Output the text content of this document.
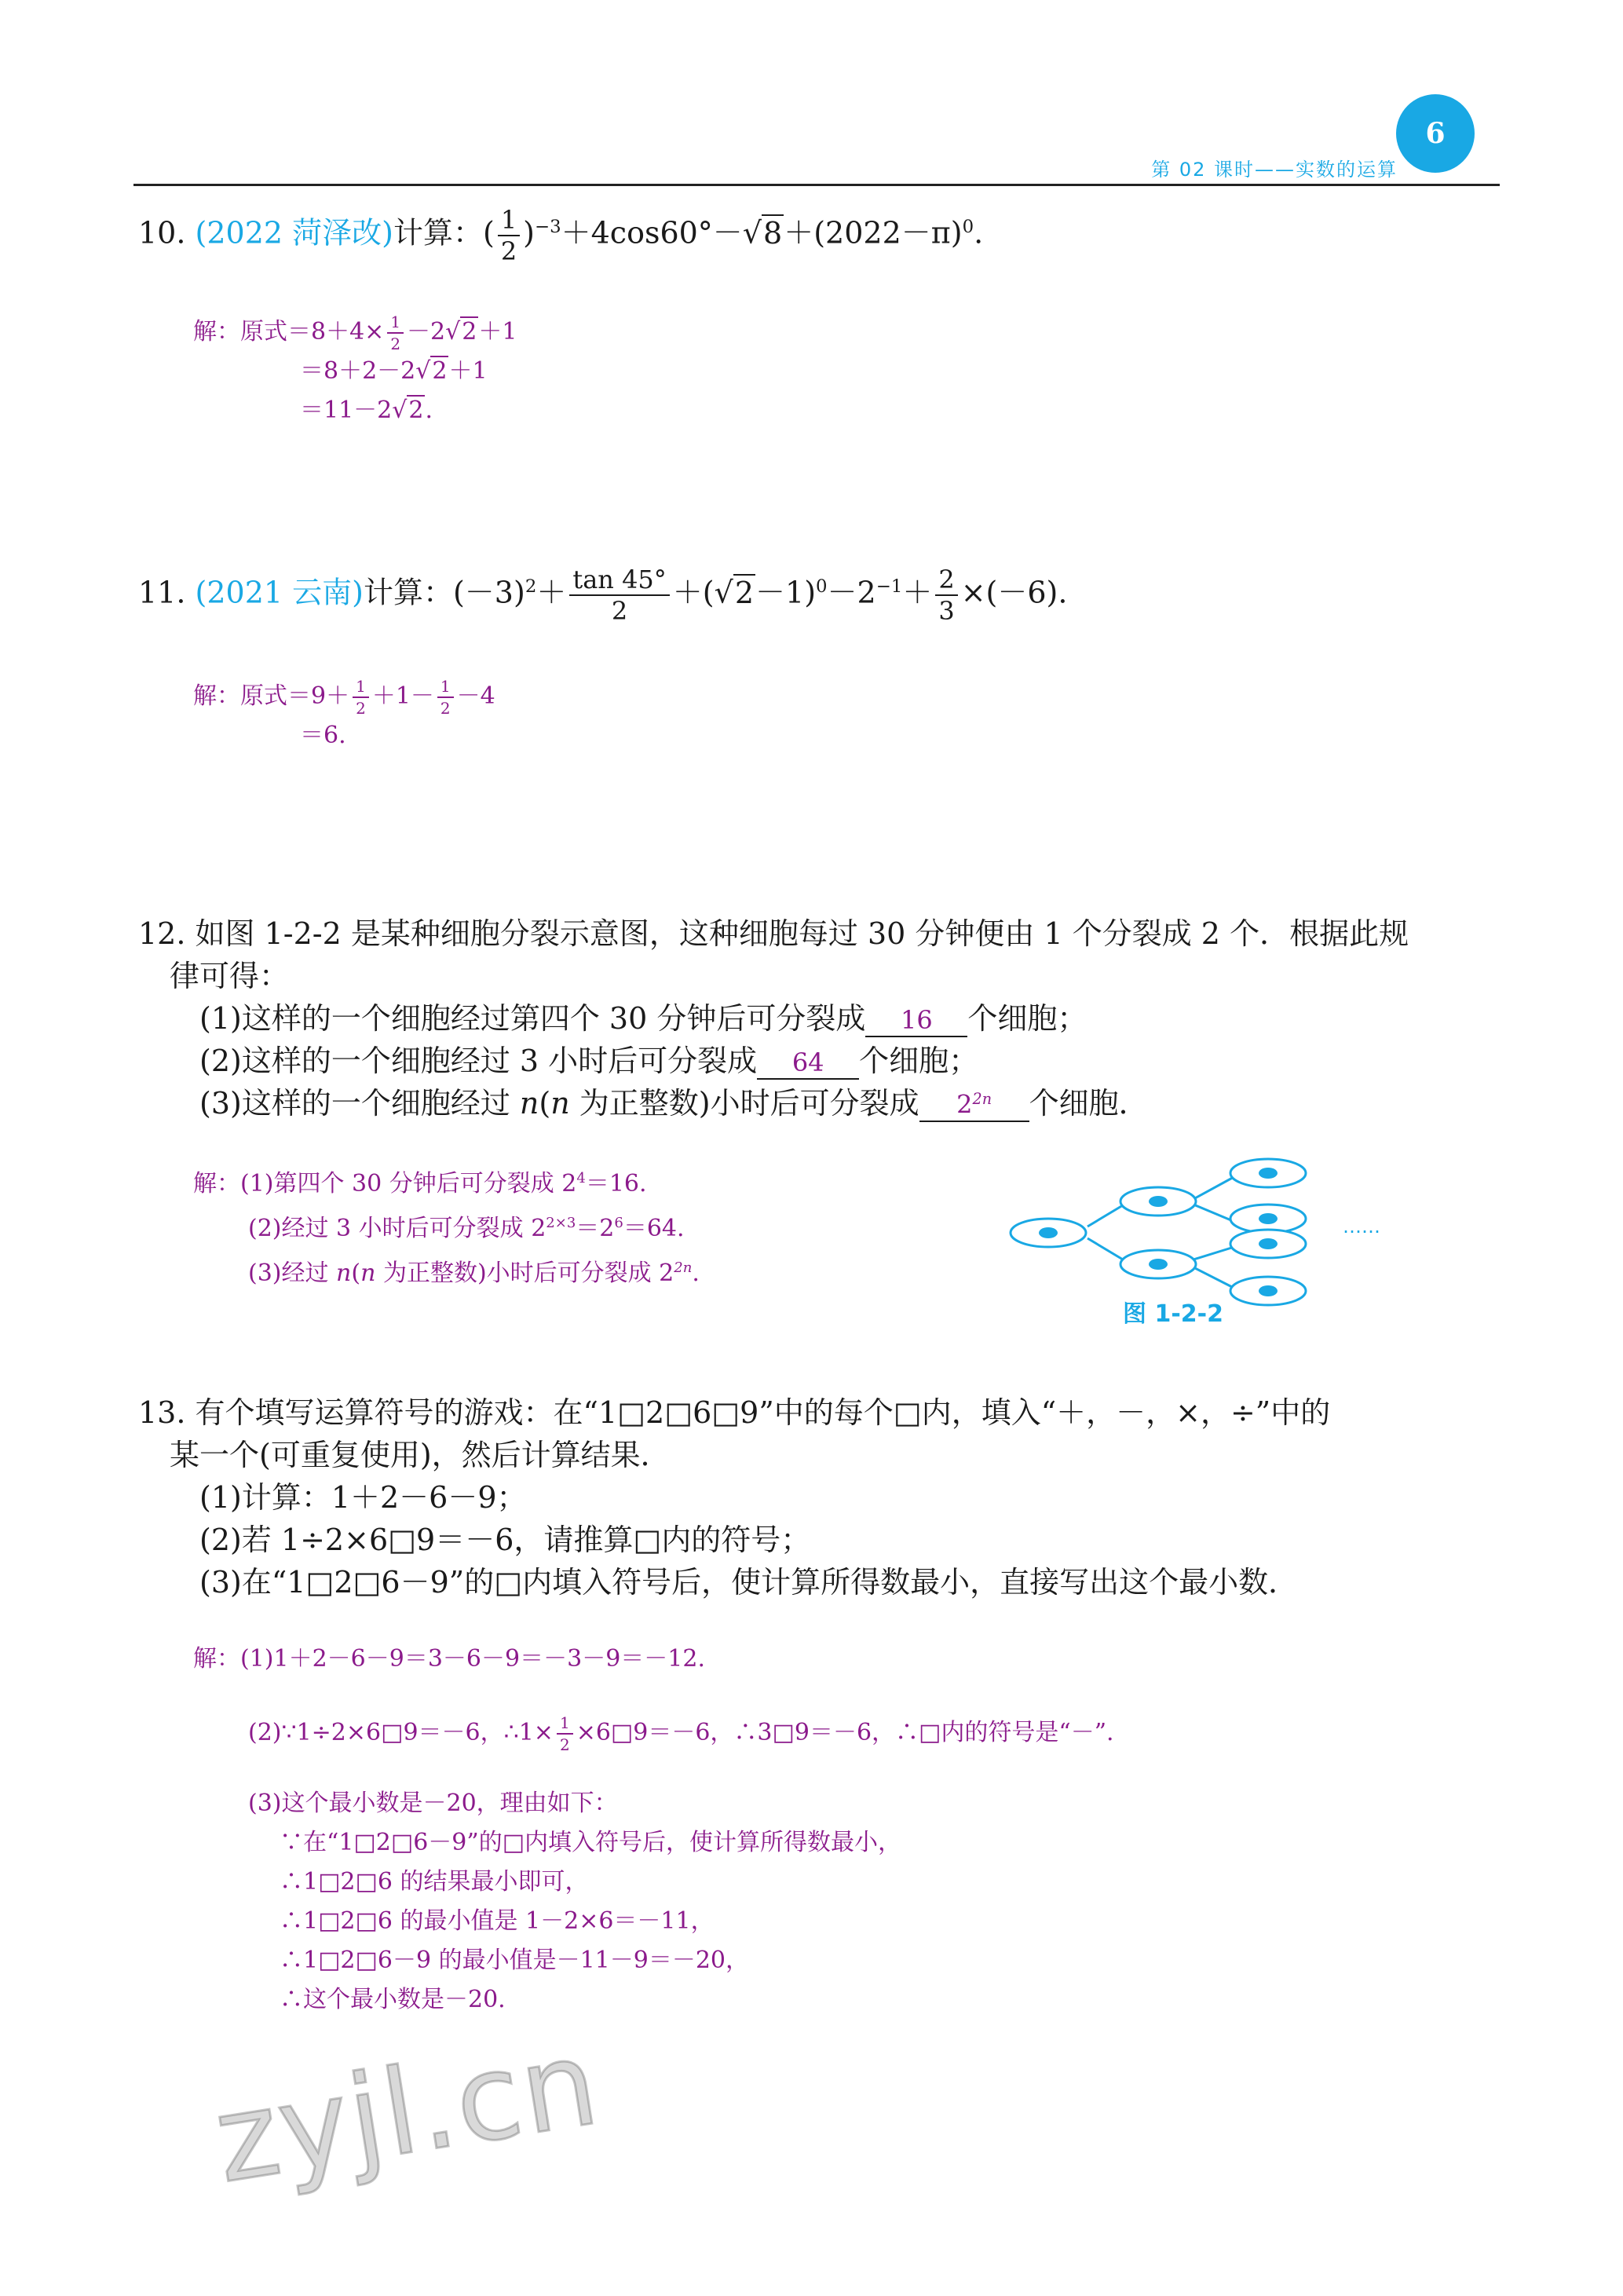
6
第 02 课时——实数的运算
10. (2022 菏泽改)计算：( $\frac{1}{2} )^{-3}+4\cos 60^\circ-√8+(2022-\pi)^0$.
解：原式$=8+4\times \frac{1}{2} -2√2+1$
＝8＋2－2√2＋1
＝11－2√2.
11. (2021 云南)计算：$(-3)^2+ \frac{\tan 45^\circ}{2} +(√2-1)^0-2^{-1}+ \frac{2}{3} \times(-6)$.
解：原式$=9+ \frac{1}{2} +1- \frac{1}{2} -4$
＝6.
12. 如图 1-2-2 是某种细胞分裂示意图，这种细胞每过 30 分钟便由 1 个分裂成 2 个．根据此规
律可得：
(1)这样的一个细胞经过第四个 30 分钟后可分裂成 16 个细胞；
(2)这样的一个细胞经过 3 小时后可分裂成 64 个细胞；
(3)这样的一个细胞经过 n(n 为正整数)小时后可分裂成 $2^{2n}$ 个细胞．
解：(1)第四个 30 分钟后可分裂成 $2^4=16$.
(2)经过 3 小时后可分裂成 $2^{2\times 3}=2^6=64$.
(3)经过 n(n 为正整数)小时后可分裂成 $2^{2n}$.
……
图 1-2-2
13. 有个填写运算符号的游戏：在“1□2□6□9”中的每个□内，填入“＋，－，×，÷”中的
某一个(可重复使用)，然后计算结果．
(1)计算：1＋2－6－9；
(2)若 1÷2×6□9＝－6，请推算□内的符号；
(3)在“1□2□6－9”的□内填入符号后，使计算所得数最小，直接写出这个最小数．
解：(1)1＋2－6－9＝3－6－9＝－3－9＝－12.
(2)∵1÷2×6□9＝－6，∴1× $\frac{1}{2}$ ×6□9＝－6，∴3□9＝－6，∴□内的符号是“－”.
(3)这个最小数是－20，理由如下：
∵在“1□2□6－9”的□内填入符号后，使计算所得数最小，
∴1□2□6 的结果最小即可，
∴1□2□6 的最小值是 1－2×6＝－11，
∴1□2□6－9 的最小值是－11－9＝－20，
∴这个最小数是－20.
zyjl.cn
